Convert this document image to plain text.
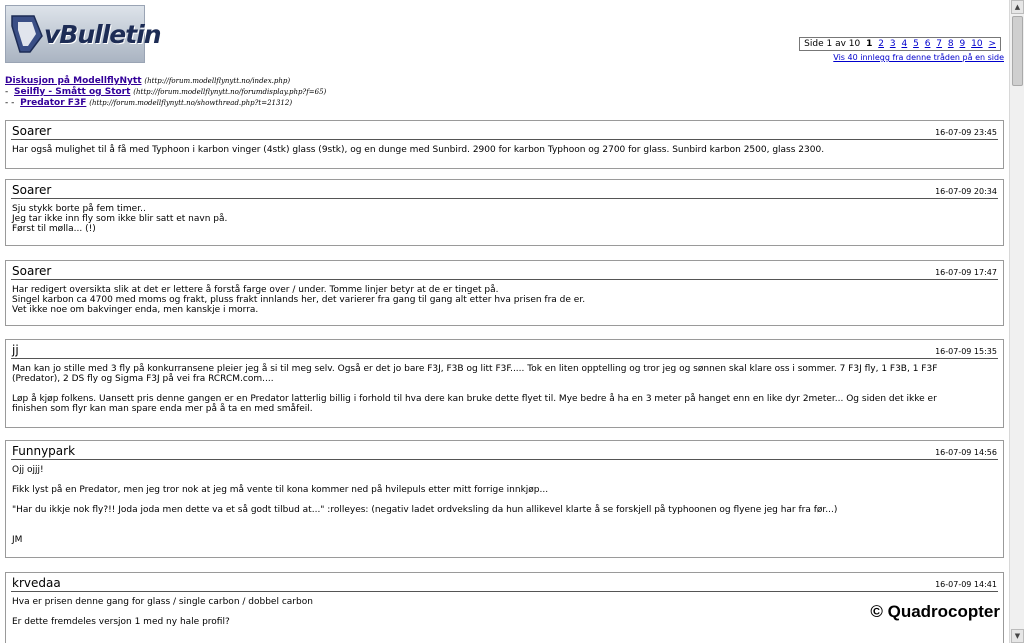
vBulletin	Side 1 av 10 1 2 3 4 5 6 7 8 9 10 >
Vis 40 innlegg fra denne tråden på en side
Diskusjon på ModellflyNytt (http://forum.modellflynytt.no/index.php)
- Seilfly - Smått og Stort (http://forum.modellflynytt.no/forumdisplay.php?f=65)
- - Predator F3F (http://forum.modellflynytt.no/showthread.php?t=21312)
Soarer	16-07-09 23:45

Har også mulighet til å få med Typhoon i karbon vinger (4stk) glass (9stk), og en dunge med Sunbird. 2900 for karbon Typhoon og 2700 for glass. Sunbird karbon 2500, glass 2300.

Soarer	16-07-09 20:34

Sju stykk borte på fem timer..
Jeg tar ikke inn fly som ikke blir satt et navn på.
Først til mølla... (!)

Soarer	16-07-09 17:47

Har redigert oversikta slik at det er lettere å forstå farge over / under. Tomme linjer betyr at de er tinget på.
Singel karbon ca 4700 med moms og frakt, pluss frakt innlands her, det varierer fra gang til gang alt etter hva prisen fra de er.
Vet ikke noe om bakvinger enda, men kanskje i morra.

jj	16-07-09 15:35

Man kan jo stille med 3 fly på konkurransene pleier jeg å si til meg selv. Også er det jo bare F3J, F3B og litt F3F..... Tok en liten opptelling og tror jeg og sønnen skal klare oss i sommer. 7 F3J fly, 1 F3B, 1 F3F
(Predator), 2 DS fly og Sigma F3J på vei fra RCRCM.com....

Løp å kjøp folkens. Uansett pris denne gangen er en Predator latterlig billig i forhold til hva dere kan bruke dette flyet til. Mye bedre å ha en 3 meter på hanget enn en like dyr 2meter... Og siden det ikke er
finishen som flyr kan man spare enda mer på å ta en med småfeil.

Funnypark	16-07-09 14:56

Ojj ojjj!

Fikk lyst på en Predator, men jeg tror nok at jeg må vente til kona kommer ned på hvilepuls etter mitt forrige innkjøp...

"Har du ikkje nok fly?!! Joda joda men dette va et så godt tilbud at..." :rolleyes: (negativ ladet ordveksling da hun allikevel klarte å se forskjell på typhoonen og flyene jeg har fra før...)

JM

krvedaa	16-07-09 14:41

Hva er prisen denne gang for glass / single carbon / dobbel carbon

Er dette fremdeles versjon 1 med ny hale profil?

© Quadrocopter
▲
▼
